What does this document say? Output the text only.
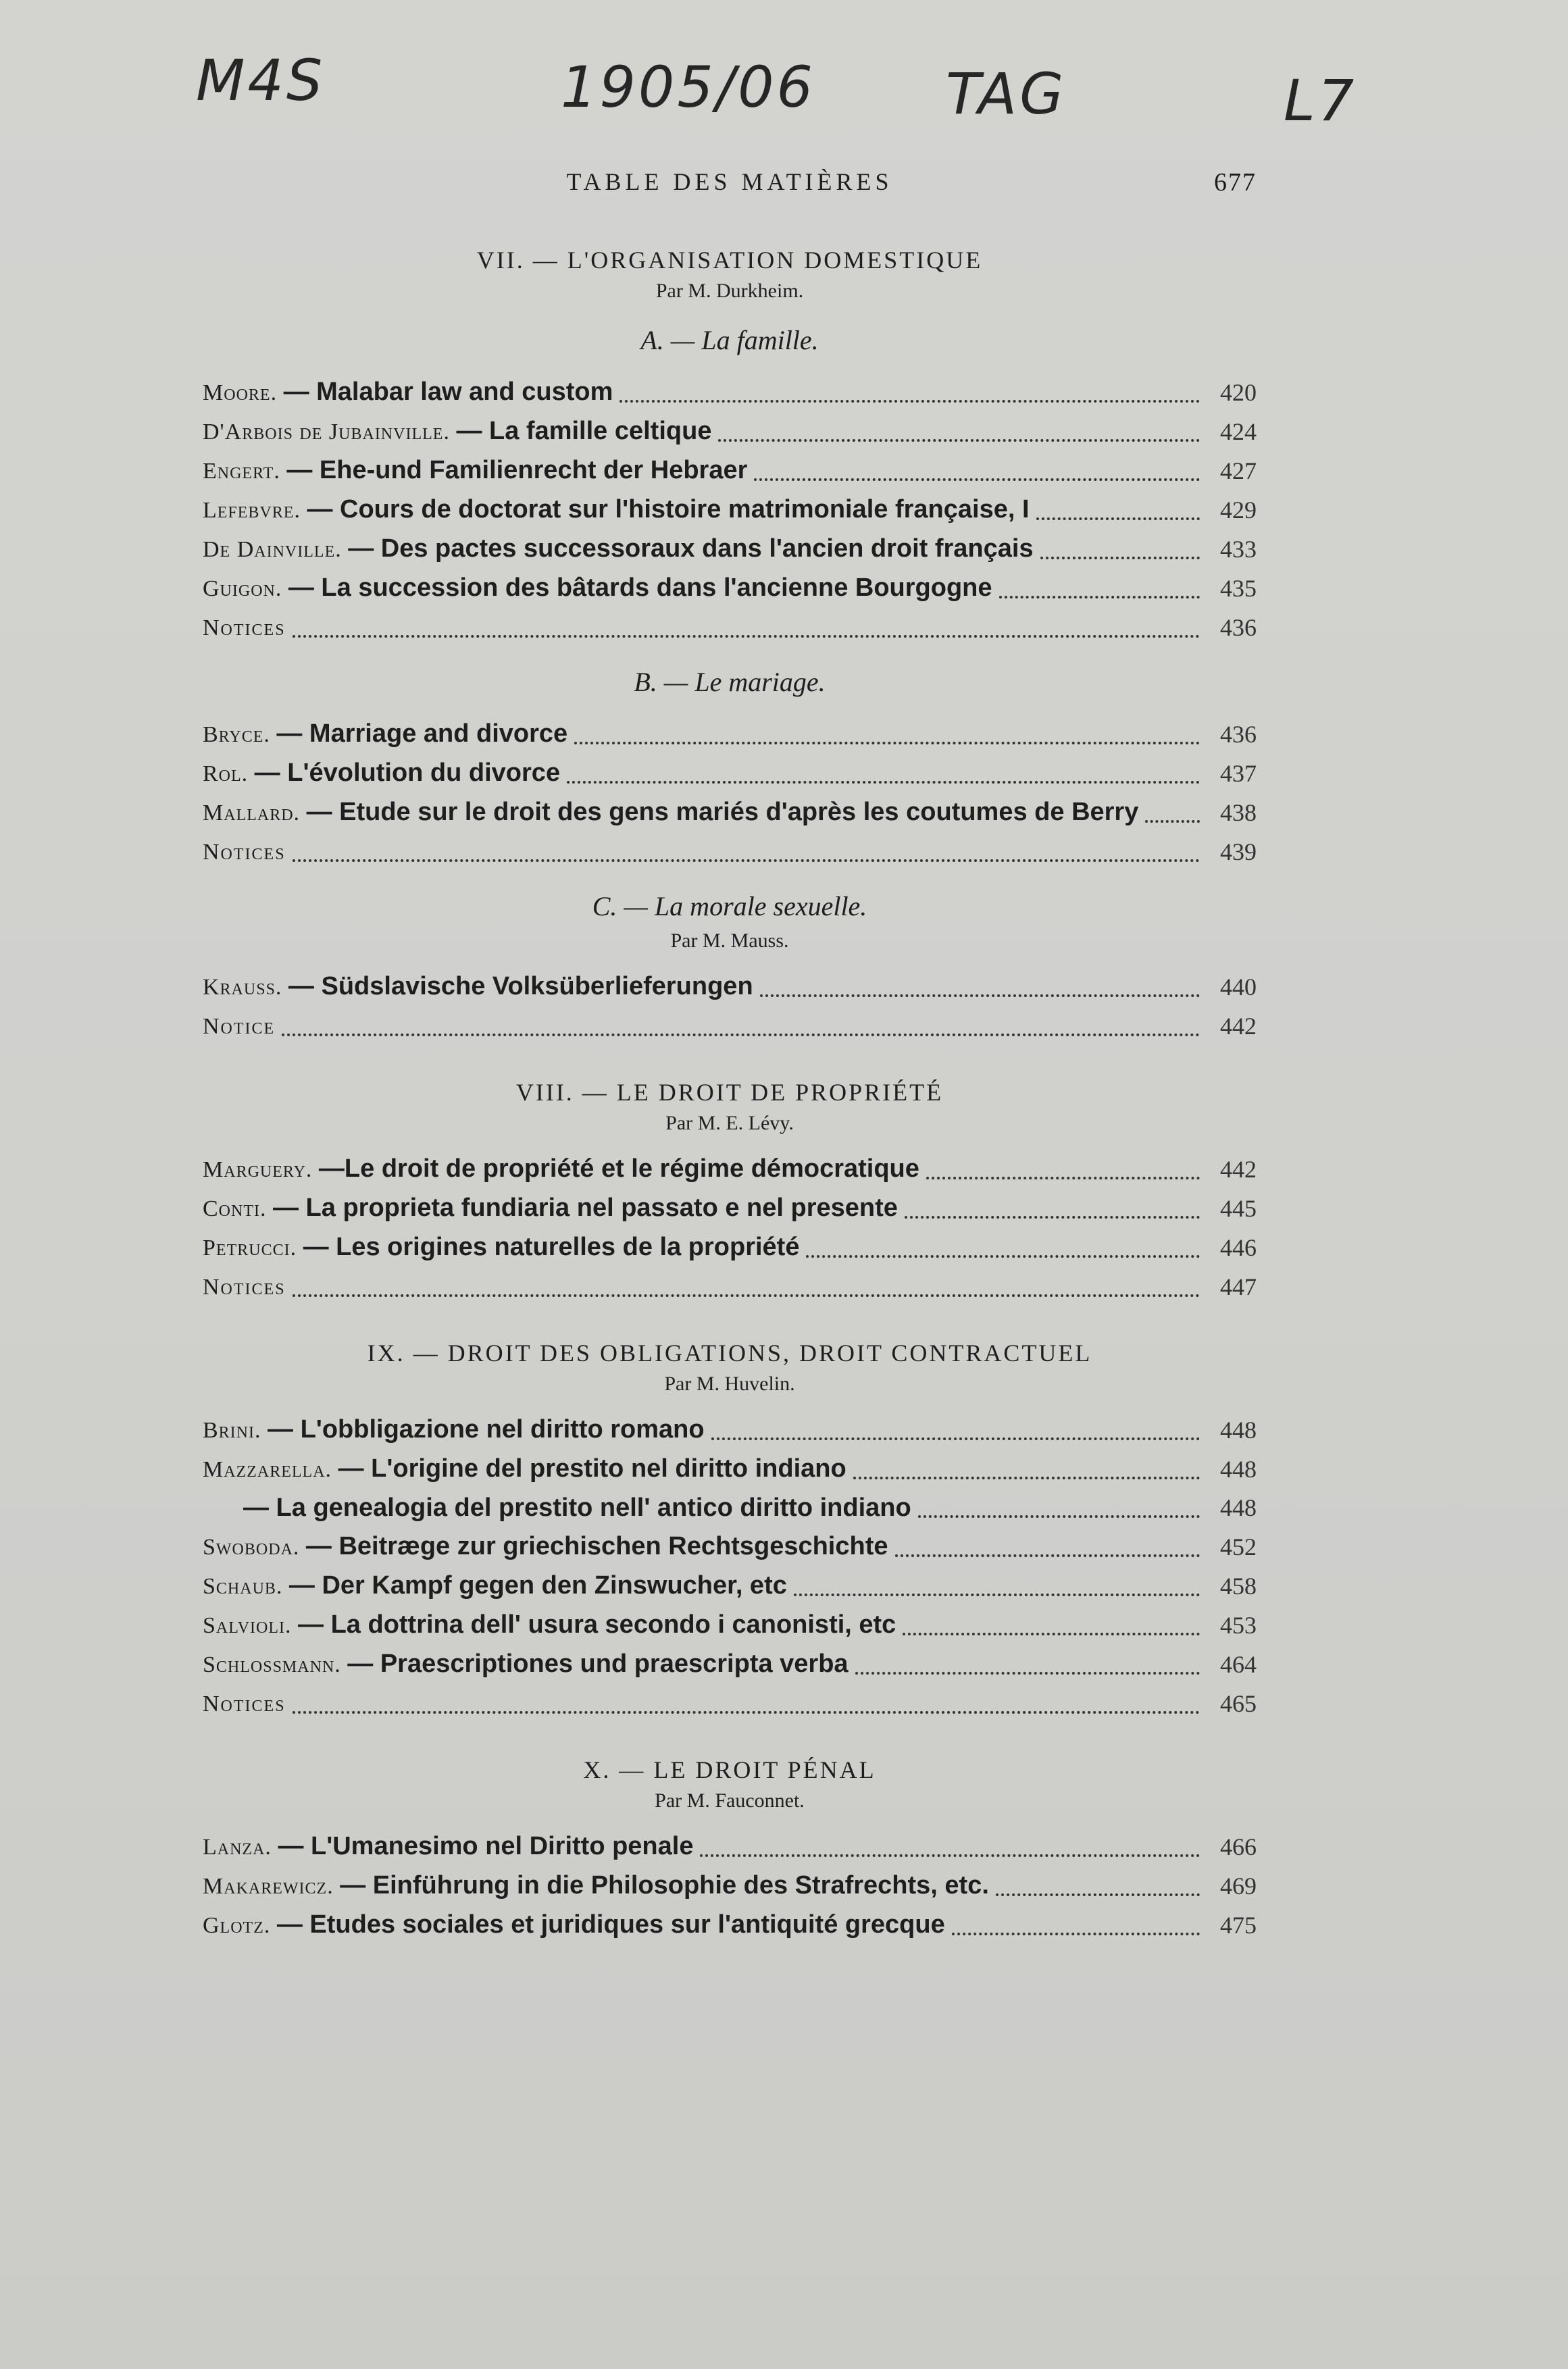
M4S	1905/06 TAG	L7
TABLE DES MATIÈRES	677
VII. — L'ORGANISATION DOMESTIQUE
Par M. Durkheim.
A. — La famille.
Moore. — Malabar law and custom	420
D'Arbois de Jubainville. — La famille celtique	424
Engert. — Ehe-und Familienrecht der Hebraer	427
Lefebvre. — Cours de doctorat sur l'histoire matrimoniale française, I	429
De Dainville. — Des pactes successoraux dans l'ancien droit français	433
Guigon. — La succession des bâtards dans l'ancienne Bourgogne	435
Notices	436
B. — Le mariage.
Bryce. — Marriage and divorce	436
Rol. — L'évolution du divorce	437
Mallard. — Etude sur le droit des gens mariés d'après les coutumes de Berry	438
Notices	439
C. — La morale sexuelle.
Par M. Mauss.
Krauss. — Südslavische Volksüberlieferungen	440
Notice	442
VIII. — LE DROIT DE PROPRIÉTÉ
Par M. E. Lévy.
Marguery. —Le droit de propriété et le régime démocratique	442
Conti. — La proprieta fundiaria nel passato e nel presente	445
Petrucci. — Les origines naturelles de la propriété	446
Notices	447
IX. — DROIT DES OBLIGATIONS, DROIT CONTRACTUEL
Par M. Huvelin.
Brini. — L'obbligazione nel diritto romano	448
Mazzarella. — L'origine del prestito nel diritto indiano	448
— La genealogia del prestito nell' antico diritto indiano	448
Swoboda. — Beitræge zur griechischen Rechtsgeschichte	452
Schaub. — Der Kampf gegen den Zinswucher, etc	458
Salvioli. — La dottrina dell' usura secondo i canonisti, etc	453
Schlossmann. — Praescriptiones und praescripta verba	464
Notices	465
X. — LE DROIT PÉNAL
Par M. Fauconnet.
Lanza. — L'Umanesimo nel Diritto penale	466
Makarewicz. — Einführung in die Philosophie des Strafrechts, etc.	469
Glotz. — Etudes sociales et juridiques sur l'antiquité grecque	475
